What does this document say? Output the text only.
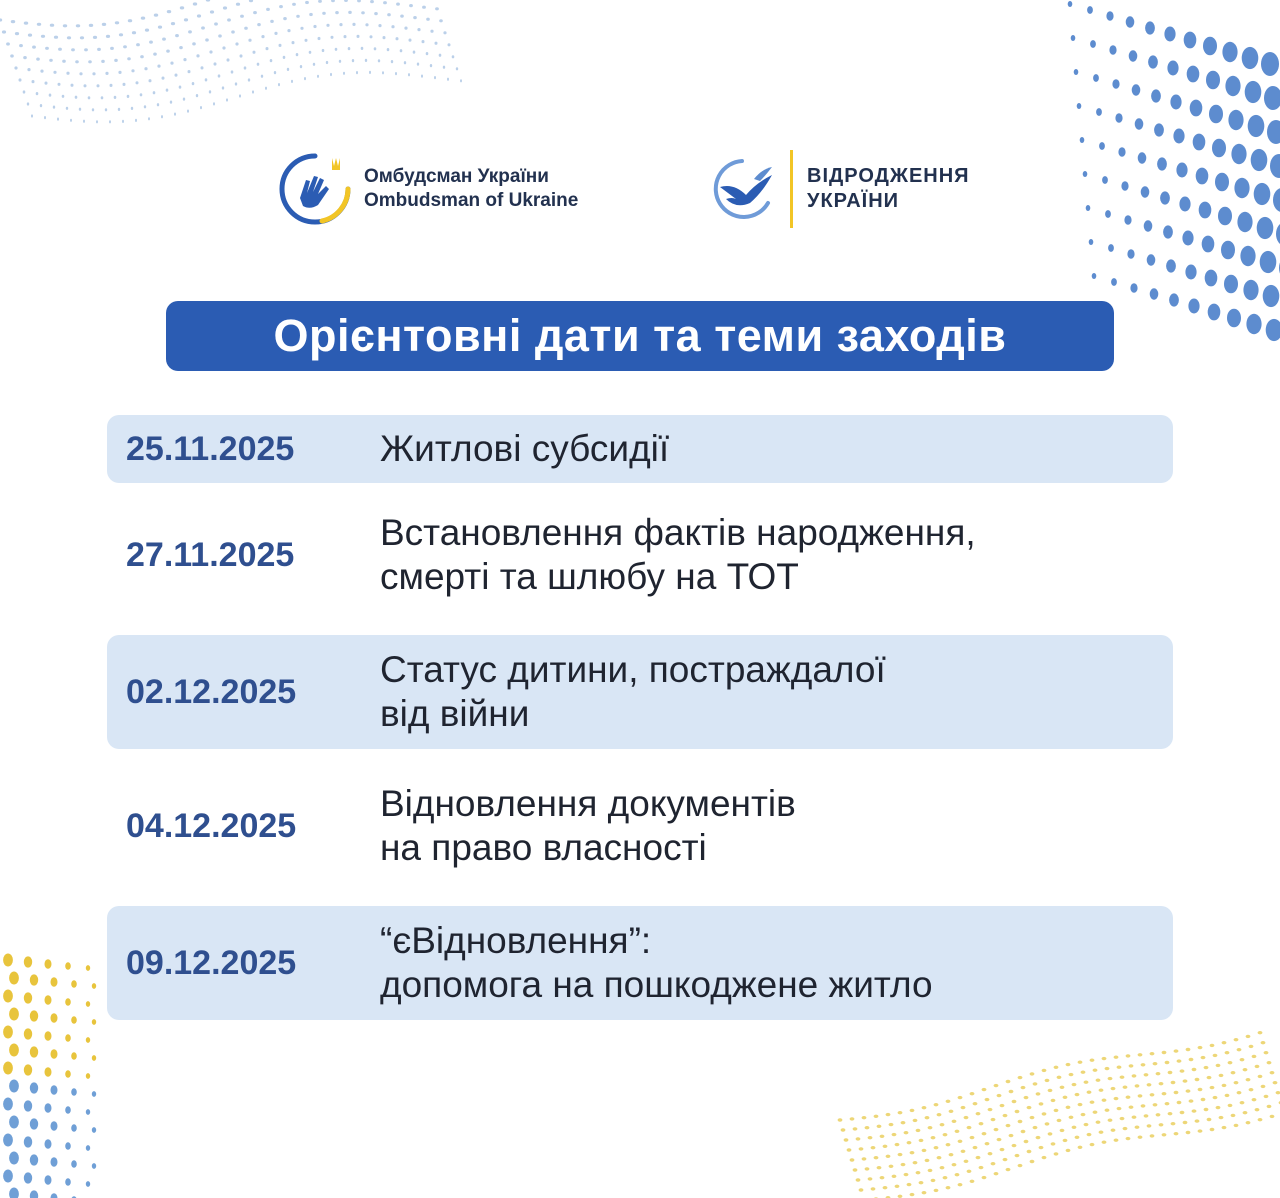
Омбудсман України
Ombudsman of Ukraine
ВІДРОДЖЕННЯ
УКРАЇНИ
Орієнтовні дати та теми заходів
25.11.2025 Житлові субсидії
27.11.2025
Встановлення фактів народження,
смерті та шлюбу на ТОТ
02.12.2025
Статус дитини, постраждалої
від війни
04.12.2025
Відновлення документів
на право власності
09.12.2025
“єВідновлення”:
допомога на пошкоджене житло
